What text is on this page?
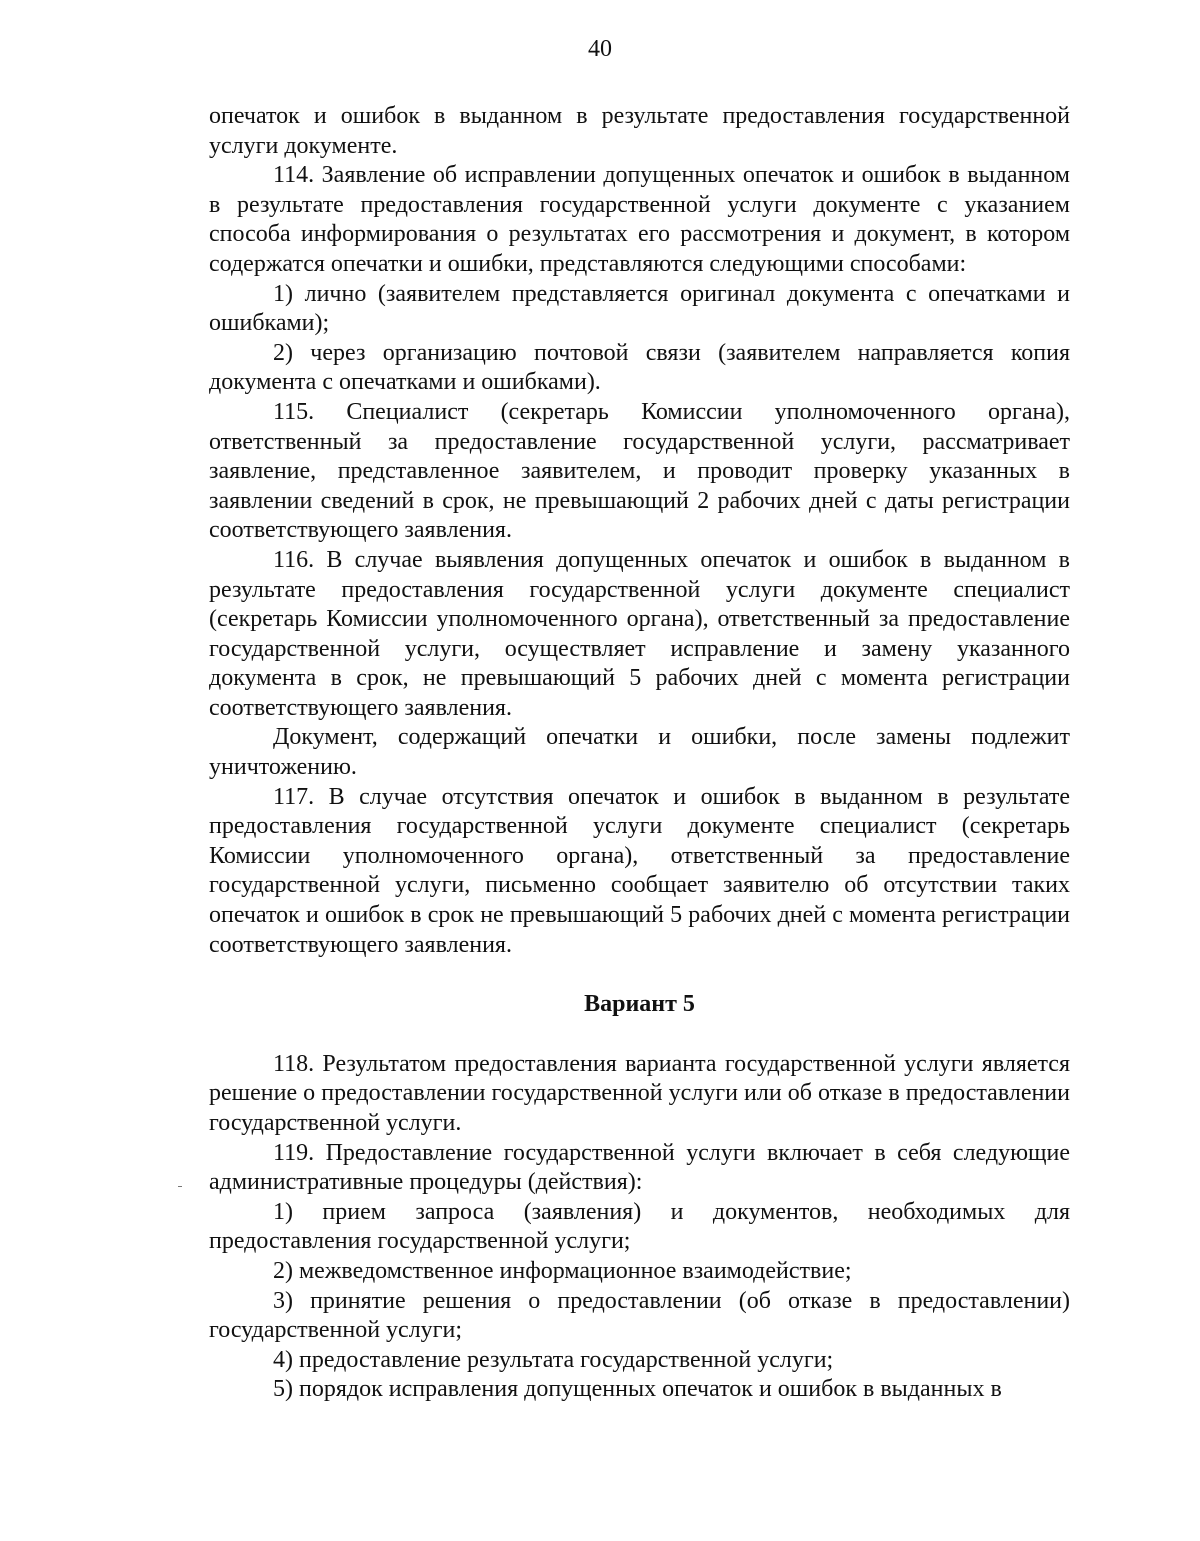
40

опечаток и ошибок в выданном в результате предоставления государственной услуги документе.

114. Заявление об исправлении допущенных опечаток и ошибок в выданном в результате предоставления государственной услуги документе с указанием способа информирования о результатах его рассмотрения и документ, в котором содержатся опечатки и ошибки, представляются следующими способами:

1) лично (заявителем представляется оригинал документа с опечатками и ошибками);

2) через организацию почтовой связи (заявителем направляется копия документа с опечатками и ошибками).

115. Специалист (секретарь Комиссии уполномоченного органа), ответственный за предоставление государственной услуги, рассматривает заявление, представленное заявителем, и проводит проверку указанных в заявлении сведений в срок, не превышающий 2 рабочих дней с даты регистрации соответствующего заявления.

116. В случае выявления допущенных опечаток и ошибок в выданном в результате предоставления государственной услуги документе специалист (секретарь Комиссии уполномоченного органа), ответственный за предоставление государственной услуги, осуществляет исправление и замену указанного документа в срок, не превышающий 5 рабочих дней с момента регистрации соответствующего заявления.

Документ, содержащий опечатки и ошибки, после замены подлежит уничтожению.

117. В случае отсутствия опечаток и ошибок в выданном в результате предоставления государственной услуги документе специалист (секретарь Комиссии уполномоченного органа), ответственный за предоставление государственной услуги, письменно сообщает заявителю об отсутствии таких опечаток и ошибок в срок не превышающий 5 рабочих дней с момента регистрации соответствующего заявления.

Вариант 5

118. Результатом предоставления варианта государственной услуги является решение о предоставлении государственной услуги или об отказе в предоставлении государственной услуги.

119. Предоставление государственной услуги включает в себя следующие административные процедуры (действия):

1) прием запроса (заявления) и документов, необходимых для предоставления государственной услуги;

2) межведомственное информационное взаимодействие;

3) принятие решения о предоставлении (об отказе в предоставлении) государственной услуги;

4) предоставление результата государственной услуги;

5) порядок исправления допущенных опечаток и ошибок в выданных в
